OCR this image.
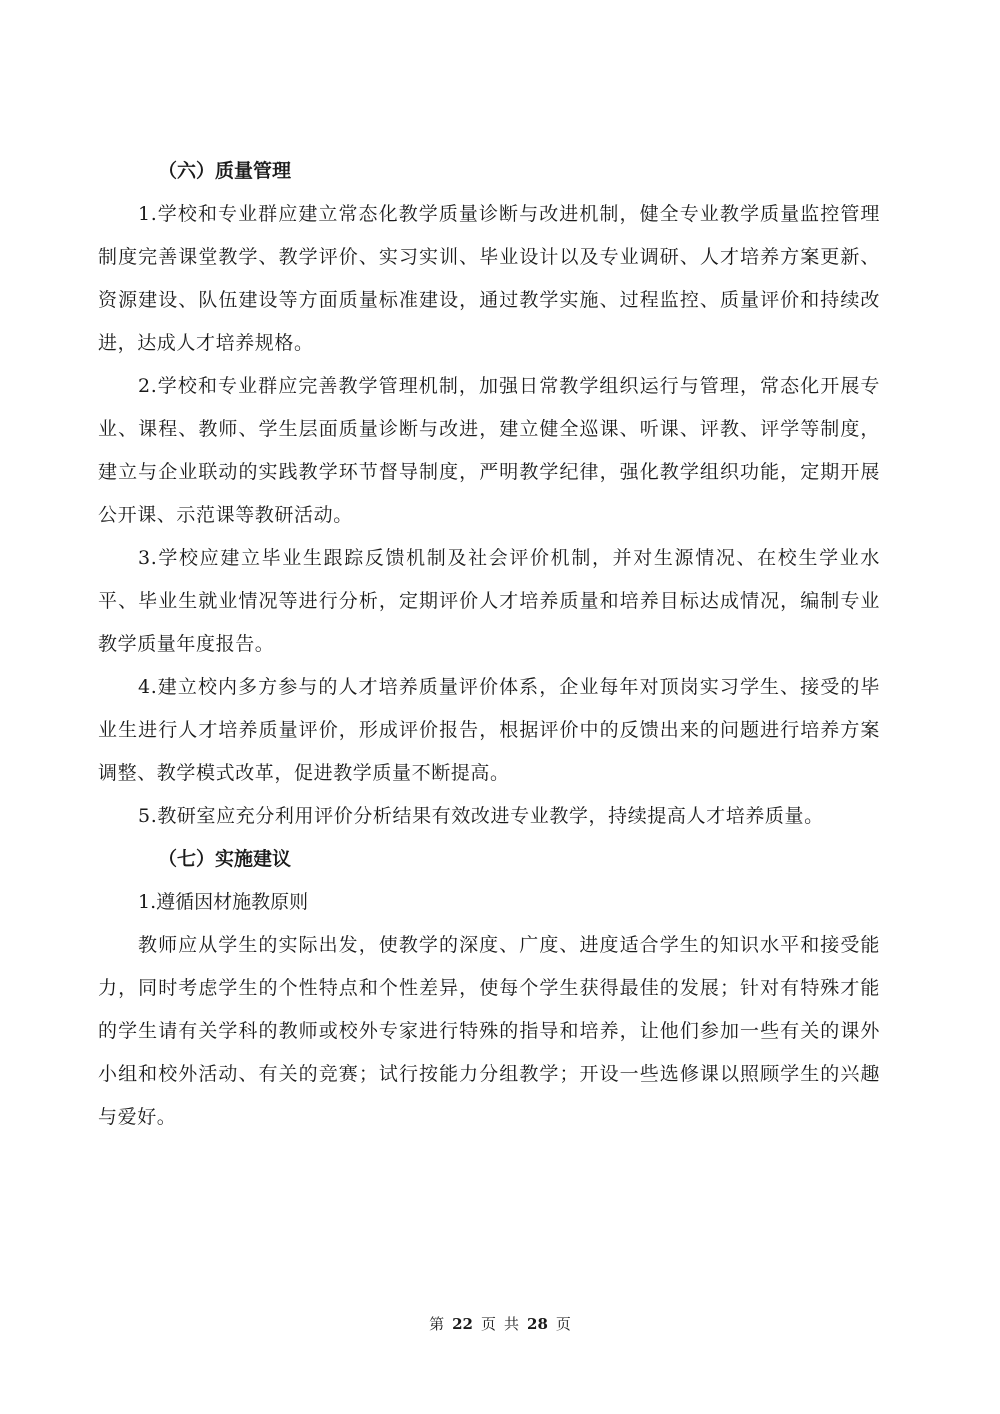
（六）质量管理

1.学校和专业群应建立常态化教学质量诊断与改进机制，健全专业教学质量监控管理制度完善课堂教学、教学评价、实习实训、毕业设计以及专业调研、人才培养方案更新、资源建设、队伍建设等方面质量标准建设，通过教学实施、过程监控、质量评价和持续改进，达成人才培养规格。

2.学校和专业群应完善教学管理机制，加强日常教学组织运行与管理，常态化开展专业、课程、教师、学生层面质量诊断与改进，建立健全巡课、听课、评教、评学等制度，建立与企业联动的实践教学环节督导制度，严明教学纪律，强化教学组织功能，定期开展公开课、示范课等教研活动。

3.学校应建立毕业生跟踪反馈机制及社会评价机制，并对生源情况、在校生学业水平、毕业生就业情况等进行分析，定期评价人才培养质量和培养目标达成情况，编制专业教学质量年度报告。

4.建立校内多方参与的人才培养质量评价体系，企业每年对顶岗实习学生、接受的毕业生进行人才培养质量评价，形成评价报告，根据评价中的反馈出来的问题进行培养方案调整、教学模式改革，促进教学质量不断提高。

5.教研室应充分利用评价分析结果有效改进专业教学，持续提高人才培养质量。

（七）实施建议
1.遵循因材施教原则

教师应从学生的实际出发，使教学的深度、广度、进度适合学生的知识水平和接受能力，同时考虑学生的个性特点和个性差异，使每个学生获得最佳的发展；针对有特殊才能的学生请有关学科的教师或校外专家进行特殊的指导和培养，让他们参加一些有关的课外小组和校外活动、有关的竞赛；试行按能力分组教学；开设一些选修课以照顾学生的兴趣与爱好。

第 22 页 共 28 页
